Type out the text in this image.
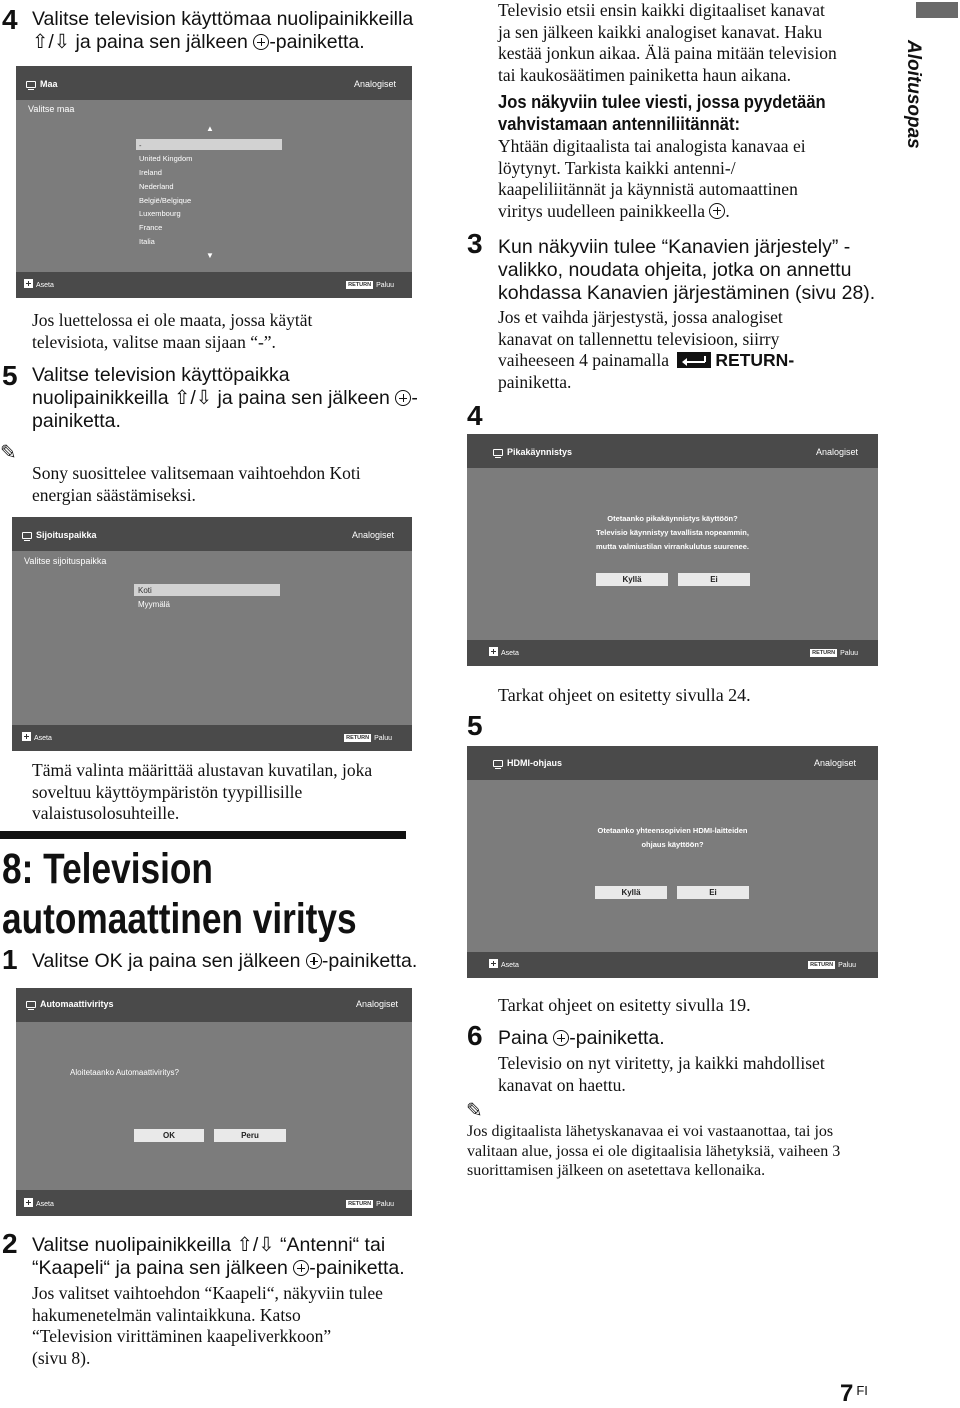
4 Valitse television käyttömaa nuolipainikkeilla
⇧/⇩ ja paina sen jälkeen -painiketta.
Maa	Analogiset
Valitse maa
▲
-
United Kingdom
Ireland
Nederland
België/Belgique
Luxembourg
France
Italia
▼
Aseta	RETURN Paluu
Jos luettelossa ei ole maata, jossa käytät
televisiota, valitse maan sijaan “-”.
5 Valitse television käyttöpaikka
nuolipainikkeilla ⇧/⇩ ja paina sen jälkeen -
painiketta.
✎
Sony suosittelee valitsemaan vaihtoehdon Koti
energian säästämiseksi.
Sijoituspaikka	Analogiset
Valitse sijoituspaikka
Koti
Myymälä
Aseta	RETURN Paluu
Tämä valinta määrittää alustavan kuvatilan, joka
soveltuu käyttöympäristön tyypillisille
valaistusolosuhteille.
8: Television
automaattinen viritys
1 Valitse OK ja paina sen jälkeen -painiketta.
Automaattiviritys	Analogiset
Aloitetaanko Automaattiviritys?
OK	Peru
Aseta	RETURN Paluu
2 Valitse nuolipainikkeilla ⇧/⇩ “Antenni“ tai
“Kaapeli“ ja paina sen jälkeen -painiketta.
Jos valitset vaihtoehdon “Kaapeli“, näkyviin tulee
hakumenetelmän valintaikkuna. Katso
“Television virittäminen kaapeliverkkoon”
(sivu 8).
Televisio etsii ensin kaikki digitaaliset kanavat
ja sen jälkeen kaikki analogiset kanavat. Haku
kestää jonkun aikaa. Älä paina mitään television
tai kaukosäätimen painiketta haun aikana.
Jos näkyviin tulee viesti, jossa pyydetään
vahvistamaan antenniliitännät:
Yhtään digitaalista tai analogista kanavaa ei
löytynyt. Tarkista kaikki antenni-/
kaapeliliitännät ja käynnistä automaattinen
viritys uudelleen painikkeella .
3 Kun näkyviin tulee “Kanavien järjestely” -
valikko, noudata ohjeita, jotka on annettu
kohdassa Kanavien järjestäminen (sivu 28).
Jos et vaihda järjestystä, jossa analogiset
kanavat on tallennettu televisioon, siirry
vaiheeseen 4 painamalla	RETURN-
painiketta.
4
Pikakäynnistys	Analogiset
Otetaanko pikakäynnistys käyttöön?
Televisio käynnistyy tavallista nopeammin,
mutta valmiustilan virrankulutus suurenee.
Kyllä	Ei
Aseta	RETURN Paluu
Tarkat ohjeet on esitetty sivulla 24.
5
HDMI-ohjaus	Analogiset
Otetaanko yhteensopivien HDMI-laitteiden
ohjaus käyttöön?
Kyllä	Ei
Aseta	RETURN Paluu
Tarkat ohjeet on esitetty sivulla 19.
6 Paina -painiketta.
Televisio on nyt viritetty, ja kaikki mahdolliset
kanavat on haettu.
✎
Jos digitaalista lähetyskanavaa ei voi vastaanottaa, tai jos
valitaan alue, jossa ei ole digitaalisia lähetyksiä, vaiheen 3
suorittamisen jälkeen on asetettava kellonaika.
Aloitusopas
7 $^{FI}$
